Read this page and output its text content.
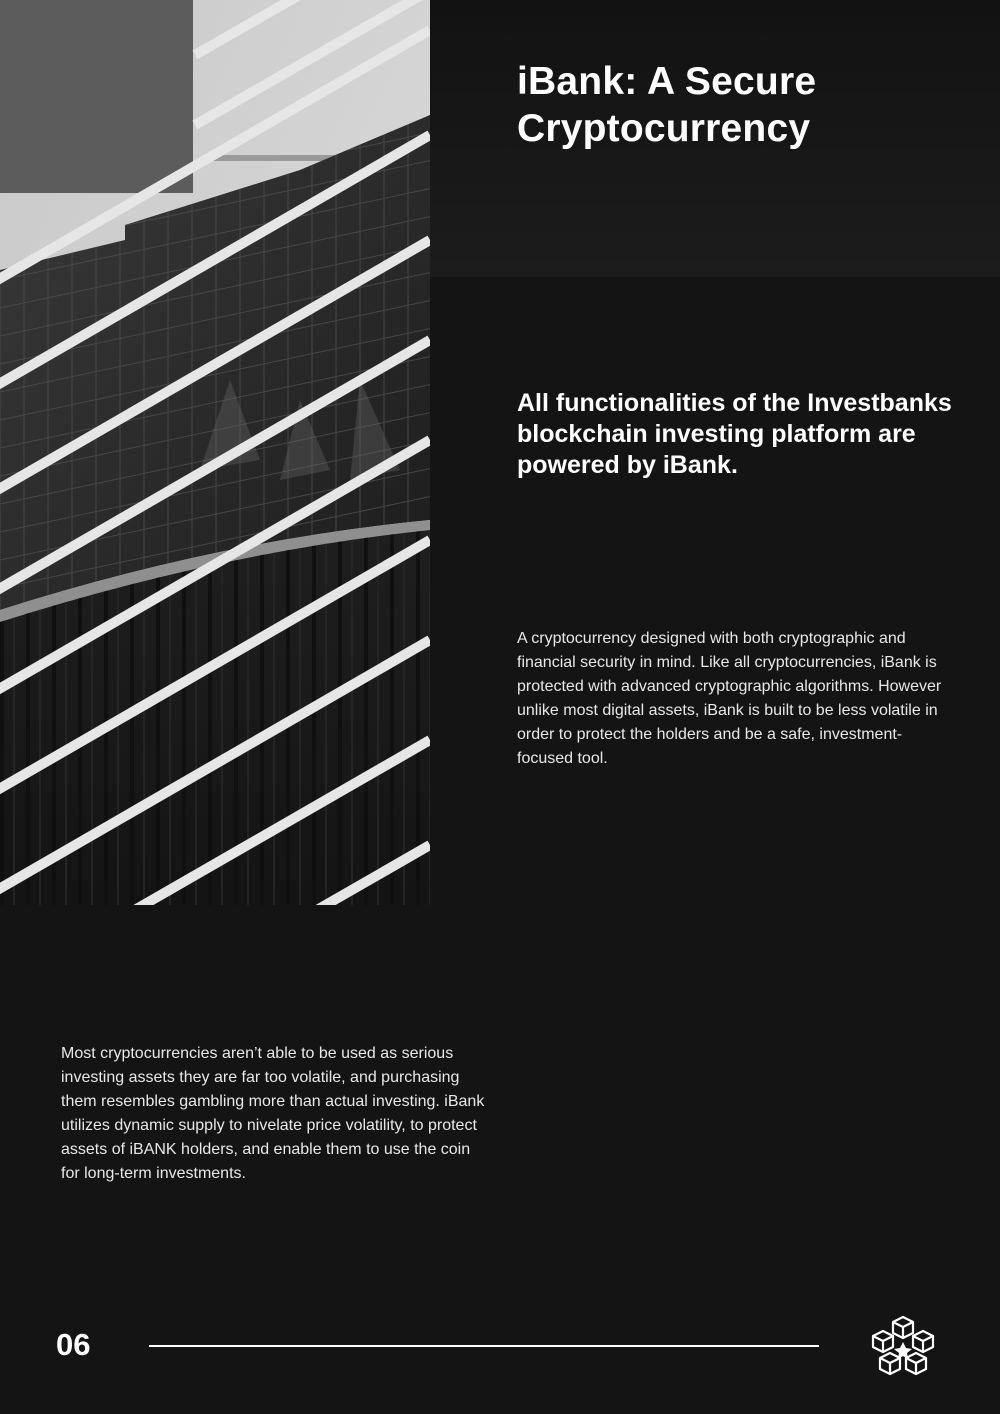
iBank: A Secure
Cryptocurrency
All functionalities of the Investbanks blockchain investing platform are powered by iBank.

A cryptocurrency designed with both cryptographic and financial security in mind. Like all cryptocurrencies, iBank is protected with advanced cryptographic algorithms. However unlike most digital assets, iBank is built to be less volatile in order to protect the holders and be a safe, investment-focused tool.

Most cryptocurrencies aren’t able to be used as serious investing assets they are far too volatile, and purchasing them resembles gambling more than actual investing. iBank utilizes dynamic supply to nivelate price volatility, to protect assets of iBANK holders, and enable them to use the coin for long-term investments.

06
